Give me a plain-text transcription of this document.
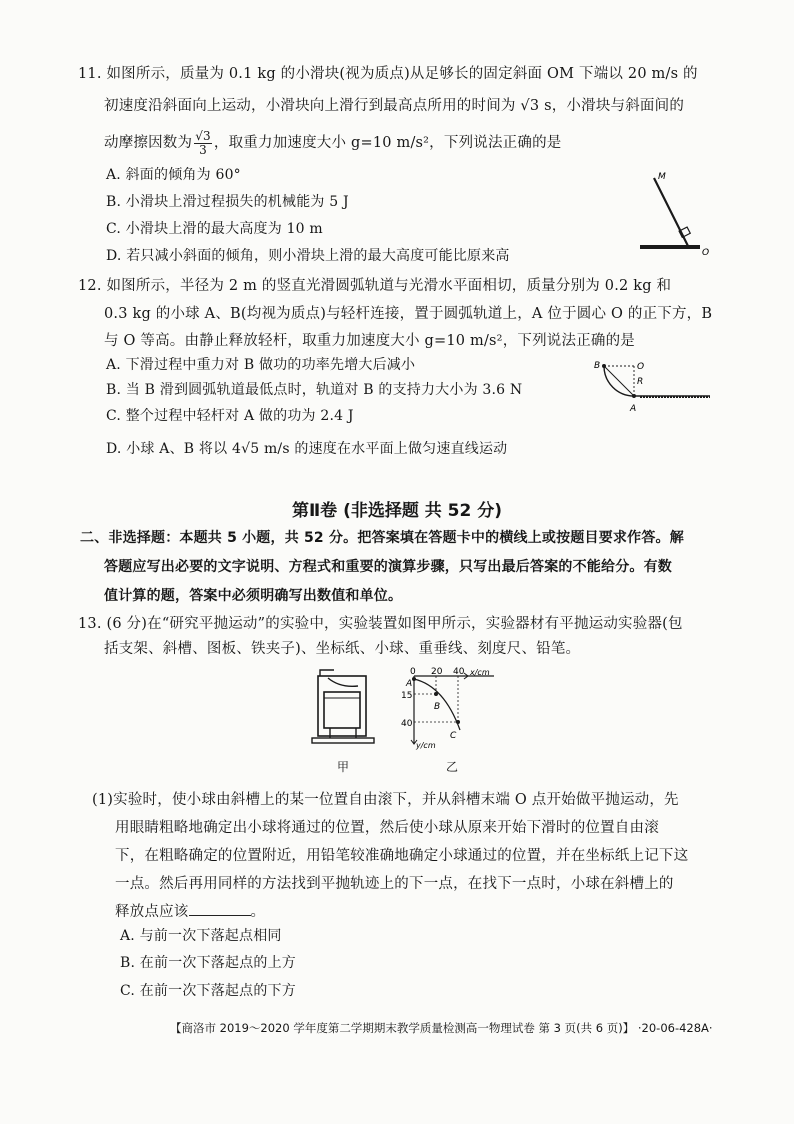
11. 如图所示，质量为 0.1 kg 的小滑块(视为质点)从足够长的固定斜面 OM 下端以 20 m/s 的
初速度沿斜面向上运动，小滑块向上滑行到最高点所用的时间为 √3 s，小滑块与斜面间的
动摩擦因数为 $\frac{√3}{3}$ ，取重力加速度大小 g=10 m/s²，下列说法正确的是
A. 斜面的倾角为 60°
B. 小滑块上滑过程损失的机械能为 5 J
C. 小滑块上滑的最大高度为 10 m
D. 若只减小斜面的倾角，则小滑块上滑的最大高度可能比原来高
M
O
12. 如图所示，半径为 2 m 的竖直光滑圆弧轨道与光滑水平面相切，质量分别为 0.2 kg 和
0.3 kg 的小球 A、B(均视为质点)与轻杆连接，置于圆弧轨道上，A 位于圆心 O 的正下方，B
与 O 等高。由静止释放轻杆，取重力加速度大小 g=10 m/s²，下列说法正确的是
A. 下滑过程中重力对 B 做功的功率先增大后减小
B. 当 B 滑到圆弧轨道最低点时，轨道对 B 的支持力大小为 3.6 N
C. 整个过程中轻杆对 A 做的功为 2.4 J
D. 小球 A、B 将以 4√5 m/s 的速度在水平面上做匀速直线运动
B	O
R
A
第Ⅱ卷 (非选择题 共 52 分)
二、非选择题：本题共 5 小题，共 52 分。把答案填在答题卡中的横线上或按题目要求作答。解
答题应写出必要的文字说明、方程式和重要的演算步骤，只写出最后答案的不能给分。有数
值计算的题，答案中必须明确写出数值和单位。
13. (6 分)在“研究平抛运动”的实验中，实验装置如图甲所示，实验器材有平抛运动实验器(包
括支架、斜槽、图板、铁夹子)、坐标纸、小球、重垂线、刻度尺、铅笔。
0 20 40 x/cm
15
40
y/cm
A
B
C
甲	乙
(1)实验时，使小球由斜槽上的某一位置自由滚下，并从斜槽末端 O 点开始做平抛运动，先
用眼睛粗略地确定出小球将通过的位置，然后使小球从原来开始下滑时的位置自由滚
下，在粗略确定的位置附近，用铅笔较准确地确定小球通过的位置，并在坐标纸上记下这
一点。然后再用同样的方法找到平抛轨迹上的下一点，在找下一点时，小球在斜槽上的
释放点应该	。
A. 与前一次下落起点相同
B. 在前一次下落起点的上方
C. 在前一次下落起点的下方
【商洛市 2019～2020 学年度第二学期期末教学质量检测高一物理试卷 第 3 页(共 6 页)】 ·20-06-428A·
